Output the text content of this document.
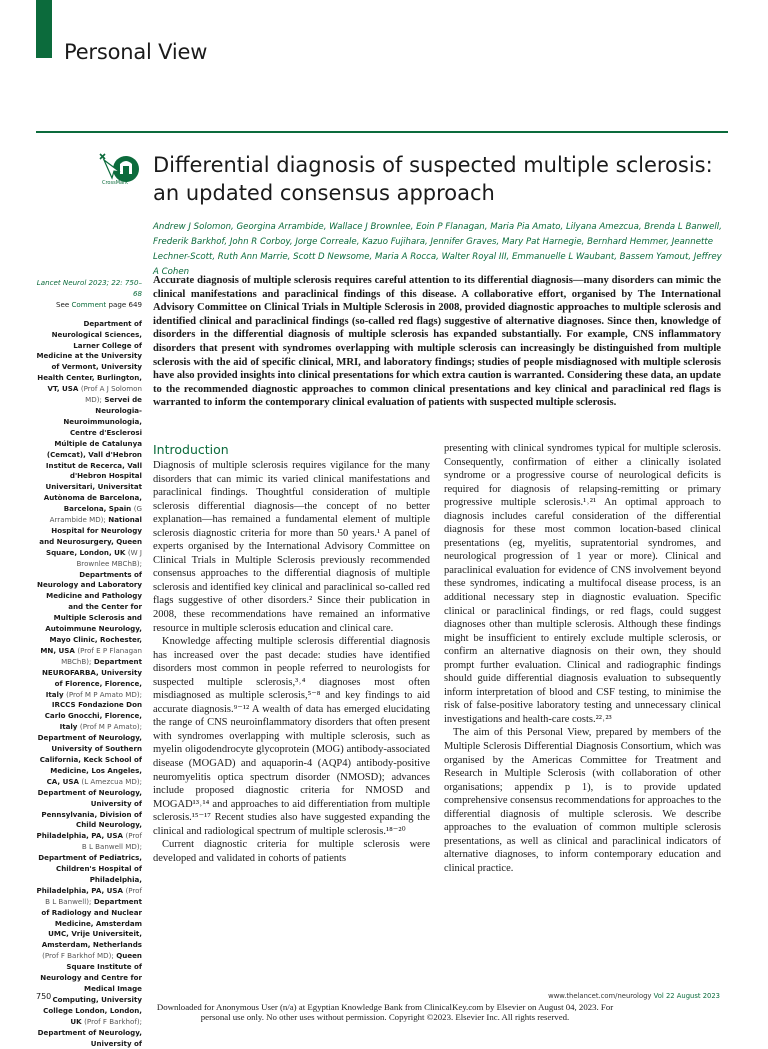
Personal View
CrossMark
Differential diagnosis of suspected multiple sclerosis: an updated consensus approach
Andrew J Solomon, Georgina Arrambide, Wallace J Brownlee, Eoin P Flanagan, Maria Pia Amato, Lilyana Amezcua, Brenda L Banwell, Frederik Barkhof, John R Corboy, Jorge Correale, Kazuo Fujihara, Jennifer Graves, Mary Pat Harnegie, Bernhard Hemmer, Jeannette Lechner-Scott, Ruth Ann Marrie, Scott D Newsome, Maria A Rocca, Walter Royal III, Emmanuelle L Waubant, Bassem Yamout, Jeffrey A Cohen
Lancet Neurol 2023; 22: 750–68
See Comment page 649
Department of Neurological Sciences, Larner College of Medicine at the University of Vermont, University Health Center, Burlington, VT, USA (Prof A J Solomon MD); Servei de Neurologia-Neuroimmunologia, Centre d'Esclerosi Múltiple de Catalunya (Cemcat), Vall d'Hebron Institut de Recerca, Vall d'Hebron Hospital Universitari, Universitat Autònoma de Barcelona, Barcelona, Spain (G Arrambide MD); National Hospital for Neurology and Neurosurgery, Queen Square, London, UK (W J Brownlee MBChB); Departments of Neurology and Laboratory Medicine and Pathology and the Center for Multiple Sclerosis and Autoimmune Neurology, Mayo Clinic, Rochester, MN, USA (Prof E P Flanagan MBChB); Department NEUROFARBA, University of Florence, Florence, Italy (Prof M P Amato MD); IRCCS Fondazione Don Carlo Gnocchi, Florence, Italy (Prof M P Amato); Department of Neurology, University of Southern California, Keck School of Medicine, Los Angeles, CA, USA (L Amezcua MD); Department of Neurology, University of Pennsylvania, Division of Child Neurology, Philadelphia, PA, USA (Prof B L Banwell MD); Department of Pediatrics, Children's Hospital of Philadelphia, Philadelphia, PA, USA (Prof B L Banwell); Department of Radiology and Nuclear Medicine, Amsterdam UMC, Vrije Universiteit, Amsterdam, Netherlands (Prof F Barkhof MD); Queen Square Institute of Neurology and Centre for Medical Image Computing, University College London, London, UK (Prof F Barkhof); Department of Neurology, University of

Accurate diagnosis of multiple sclerosis requires careful attention to its differential diagnosis—many disorders can mimic the clinical manifestations and paraclinical findings of this disease. A collaborative effort, organised by The International Advisory Committee on Clinical Trials in Multiple Sclerosis in 2008, provided diagnostic approaches to multiple sclerosis and identified clinical and paraclinical findings (so-called red flags) suggestive of alternative diagnoses. Since then, knowledge of disorders in the differential diagnosis of multiple sclerosis has expanded substantially. For example, CNS inflammatory disorders that present with syndromes overlapping with multiple sclerosis can increasingly be distinguished from multiple sclerosis with the aid of specific clinical, MRI, and laboratory findings; studies of people misdiagnosed with multiple sclerosis have also provided insights into clinical presentations for which extra caution is warranted. Considering these data, an update to the recommended diagnostic approaches to common clinical presentations and key clinical and paraclinical red flags is warranted to inform the contemporary clinical evaluation of patients with suspected multiple sclerosis.

Introduction

Diagnosis of multiple sclerosis requires vigilance for the many disorders that can mimic its varied clinical manifestations and paraclinical findings. Thoughtful consideration of multiple sclerosis differential diagnosis—the concept of no better explanation—has remained a fundamental element of multiple sclerosis diagnostic criteria for more than 50 years.¹ A panel of experts organised by the International Advisory Committee on Clinical Trials in Multiple Sclerosis previously recommended consensus approaches to the differential diagnosis of multiple sclerosis and identified key clinical and paraclinical so-called red flags suggestive of other disorders.² Since their publication in 2008, these recommendations have remained an informative resource in multiple sclerosis education and clinical care.

Knowledge affecting multiple sclerosis differential diagnosis has increased over the past decade: studies have identified disorders most common in people referred to neurologists for suspected multiple sclerosis,³˒⁴ diagnoses most often misdiagnosed as multiple sclerosis,⁵⁻⁸ and key findings to aid accurate diagnosis.⁹⁻¹² A wealth of data has emerged elucidating the range of CNS neuroinflammatory disorders that often present with syndromes overlapping with multiple sclerosis, such as myelin oligodendrocyte glycoprotein (MOG) antibody-associated disease (MOGAD) and aquaporin-4 (AQP4) antibody-positive neuromyelitis optica spectrum disorder (NMOSD); advances include proposed diagnostic criteria for NMOSD and MOGAD¹³˒¹⁴ and approaches to aid differentiation from multiple sclerosis.¹⁵⁻¹⁷ Recent studies also have suggested expanding the clinical and radiological spectrum of multiple sclerosis.¹⁸⁻²⁰

Current diagnostic criteria for multiple sclerosis were developed and validated in cohorts of patients

presenting with clinical syndromes typical for multiple sclerosis. Consequently, confirmation of either a clinically isolated syndrome or a progressive course of neurological deficits is required for diagnosis of relapsing-remitting or primary progressive multiple sclerosis.¹˒²¹ An optimal approach to diagnosis includes careful consideration of the differential diagnosis for these most common location-based clinical presentations (eg, myelitis, supratentorial syndromes, and neurological progression of 1 year or more). Clinical and paraclinical evaluation for evidence of CNS involvement beyond these syndromes, indicating a multifocal disease process, is an additional necessary step in diagnostic evaluation. Specific clinical or paraclinical findings, or red flags, could suggest diagnoses other than multiple sclerosis. Although these findings might be insufficient to entirely exclude multiple sclerosis, or confirm an alternative diagnosis on their own, they should prompt further evaluation. Clinical and radiographic findings should guide differential diagnosis evaluation to subsequently inform interpretation of blood and CSF testing, to minimise the risk of false-positive laboratory testing and unnecessary clinical investigations and health-care costs.²²˒²³

The aim of this Personal View, prepared by members of the Multiple Sclerosis Differential Diagnosis Consortium, which was organised by the Americas Committee for Treatment and Research in Multiple Sclerosis (with collaboration of other organisations; appendix p 1), is to provide updated comprehensive consensus recommendations for approaches to the differential diagnosis of multiple sclerosis. We describe approaches to the evaluation of common multiple sclerosis presentations, as well as clinical and paraclinical indicators of alternative diagnoses, to inform contemporary education and clinical practice.

750	www.thelancet.com/neurology Vol 22 August 2023
Downloaded for Anonymous User (n/a) at Egyptian Knowledge Bank from ClinicalKey.com by Elsevier on August 04, 2023. For personal use only. No other uses without permission. Copyright ©2023. Elsevier Inc. All rights reserved.
